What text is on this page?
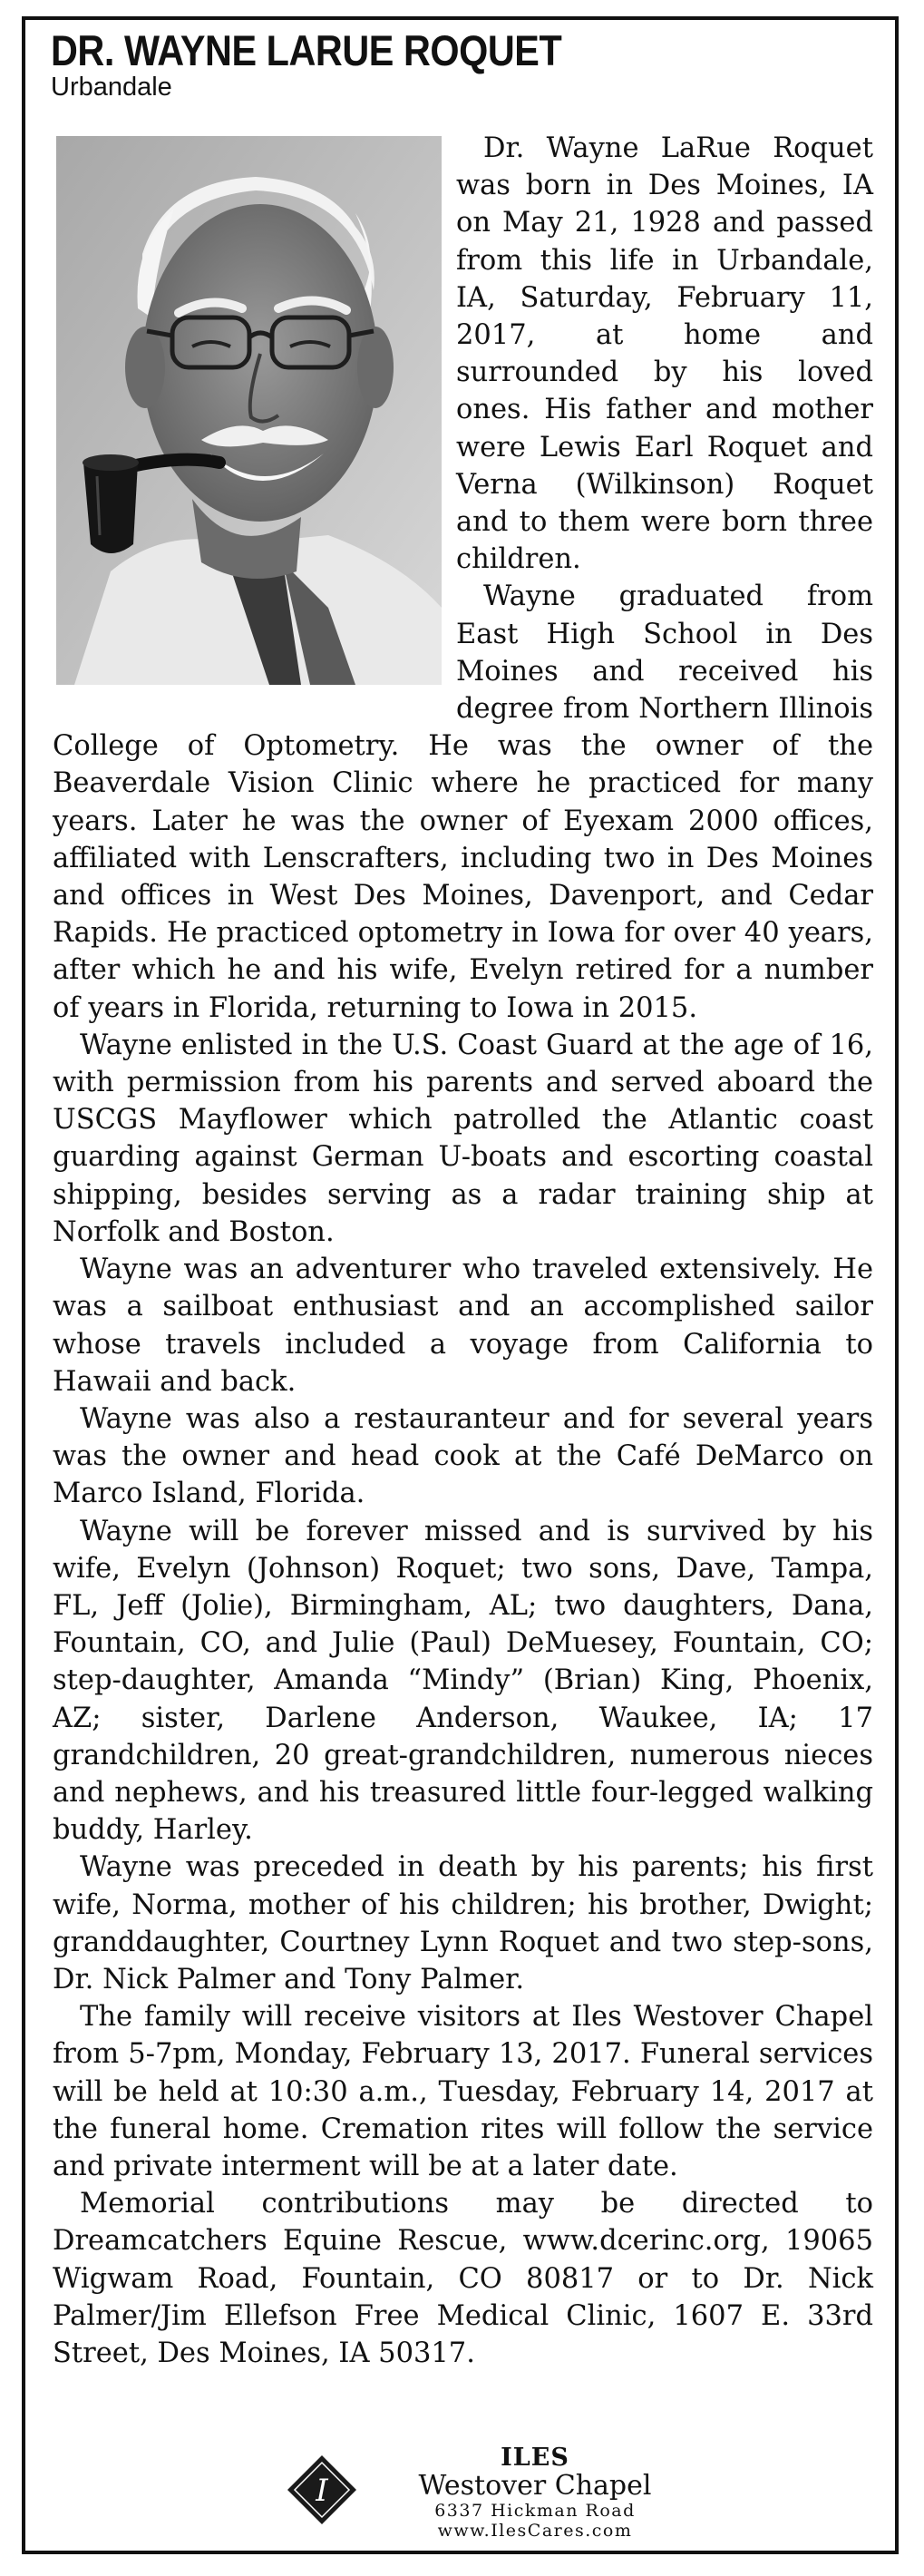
DR. WAYNE LARUE ROQUET
Urbandale

Dr. Wayne LaRue Roquet was born in Des Moines, IA on May 21, 1928 and passed from this life in Urbandale, IA, Saturday, February 11, 2017, at home and surrounded by his loved ones. His father and mother were Lewis Earl Roquet and Verna (Wilkinson) Roquet and to them were born three children.

Wayne graduated from East High School in Des Moines and received his degree from Northern Illinois College of Optometry. He was the owner of the Beaverdale Vision Clinic where he practiced for many years. Later he was the owner of Eyexam 2000 offices, affiliated with Lenscrafters, including two in Des Moines and offices in West Des Moines, Davenport, and Cedar Rapids. He practiced optometry in Iowa for over 40 years, after which he and his wife, Evelyn retired for a number of years in Florida, returning to Iowa in 2015.

Wayne enlisted in the U.S. Coast Guard at the age of 16, with permission from his parents and served aboard the USCGS Mayflower which patrolled the Atlantic coast guarding against German U-boats and escorting coastal shipping, besides serving as a radar training ship at Norfolk and Boston.

Wayne was an adventurer who traveled extensively. He was a sailboat enthusiast and an accomplished sailor whose travels included a voyage from California to Hawaii and back.

Wayne was also a restauranteur and for several years was the owner and head cook at the Café DeMarco on Marco Island, Florida.

Wayne will be forever missed and is survived by his wife, Evelyn (Johnson) Roquet; two sons, Dave, Tampa, FL, Jeff (Jolie), Birmingham, AL; two daughters, Dana, Fountain, CO, and Julie (Paul) DeMuesey, Fountain, CO; step-daughter, Amanda “Mindy” (Brian) King, Phoenix, AZ; sister, Darlene Anderson, Waukee, IA; 17 grandchildren, 20 great-grandchildren, numerous nieces and nephews, and his treasured little four-legged walking buddy, Harley.

Wayne was preceded in death by his parents; his first wife, Norma, mother of his children; his brother, Dwight; granddaughter, Courtney Lynn Roquet and two step-sons, Dr. Nick Palmer and Tony Palmer.

The family will receive visitors at Iles Westover Chapel from 5-7pm, Monday, February 13, 2017. Funeral services will be held at 10:30 a.m., Tuesday, February 14, 2017 at the funeral home. Cremation rites will follow the service and private interment will be at a later date.

Memorial contributions may be directed to Dreamcatchers Equine Rescue, www.dcerinc.org, 19065 Wigwam Road, Fountain, CO 80817 or to Dr. Nick Palmer/Jim Ellefson Free Medical Clinic, 1607 E. 33rd Street, Des Moines, IA 50317.

I
ILES
Westover Chapel
6337 Hickman Road
www.IlesCares.com
